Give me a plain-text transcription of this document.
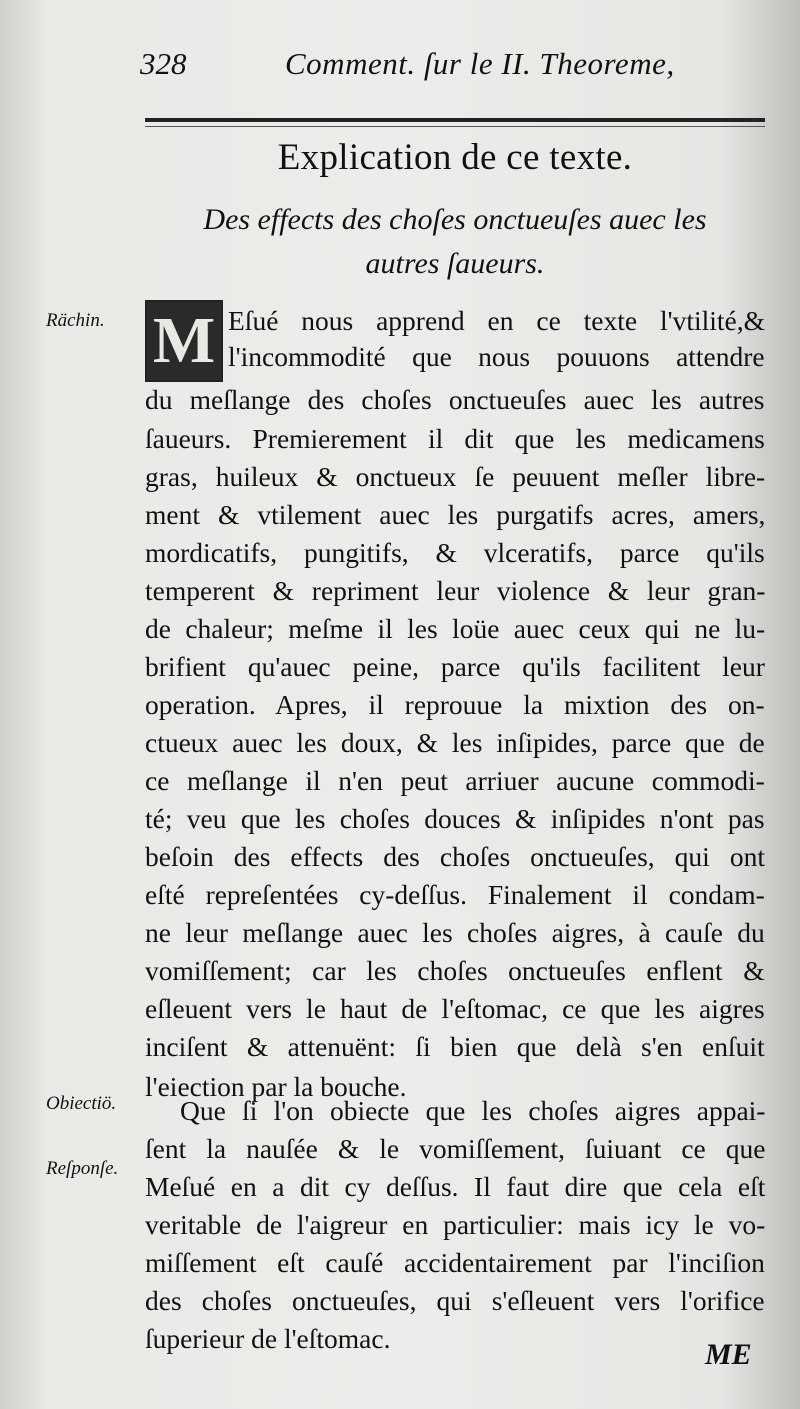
328	Comment. ſur le II. Theoreme,
Explication de ce texte.
Des effects des choſes onctueuſes auec les
autres ſaueurs.
Rächin.
Obiectiö.
Reſponſe.
M Eſué nous apprend en ce texte l'vtilité,&
l'incommodité que nous pouuons attendre
du meſlange des choſes onctueuſes auec les autres
ſaueurs. Premierement il dit que les medicamens
gras, huileux & onctueux ſe peuuent meſler libre-
ment & vtilement auec les purgatifs acres, amers,
mordicatifs, pungitifs, & vlceratifs, parce qu'ils
temperent & repriment leur violence & leur gran-
de chaleur; meſme il les loüe auec ceux qui ne lu-
brifient qu'auec peine, parce qu'ils facilitent leur
operation. Apres, il reprouue la mixtion des on-
ctueux auec les doux, & les inſipides, parce que de
ce meſlange il n'en peut arriuer aucune commodi-
té; veu que les choſes douces & inſipides n'ont pas
beſoin des effects des choſes onctueuſes, qui ont
eſté repreſentées cy-deſſus. Finalement il condam-
ne leur meſlange auec les choſes aigres, à cauſe du
vomiſſement; car les choſes onctueuſes enflent &
eſleuent vers le haut de l'eſtomac, ce que les aigres
inciſent & attenuënt: ſi bien que delà s'en enſuit
l'eiection par la bouche.
Que ſi l'on obiecte que les choſes aigres appai-
ſent la nauſée & le vomiſſement, ſuiuant ce que
Meſué en a dit cy deſſus. Il faut dire que cela eſt
veritable de l'aigreur en particulier: mais icy le vo-
miſſement eſt cauſé accidentairement par l'inciſion
des choſes onctueuſes, qui s'eſleuent vers l'orifice
ſuperieur de l'eſtomac.	ME
